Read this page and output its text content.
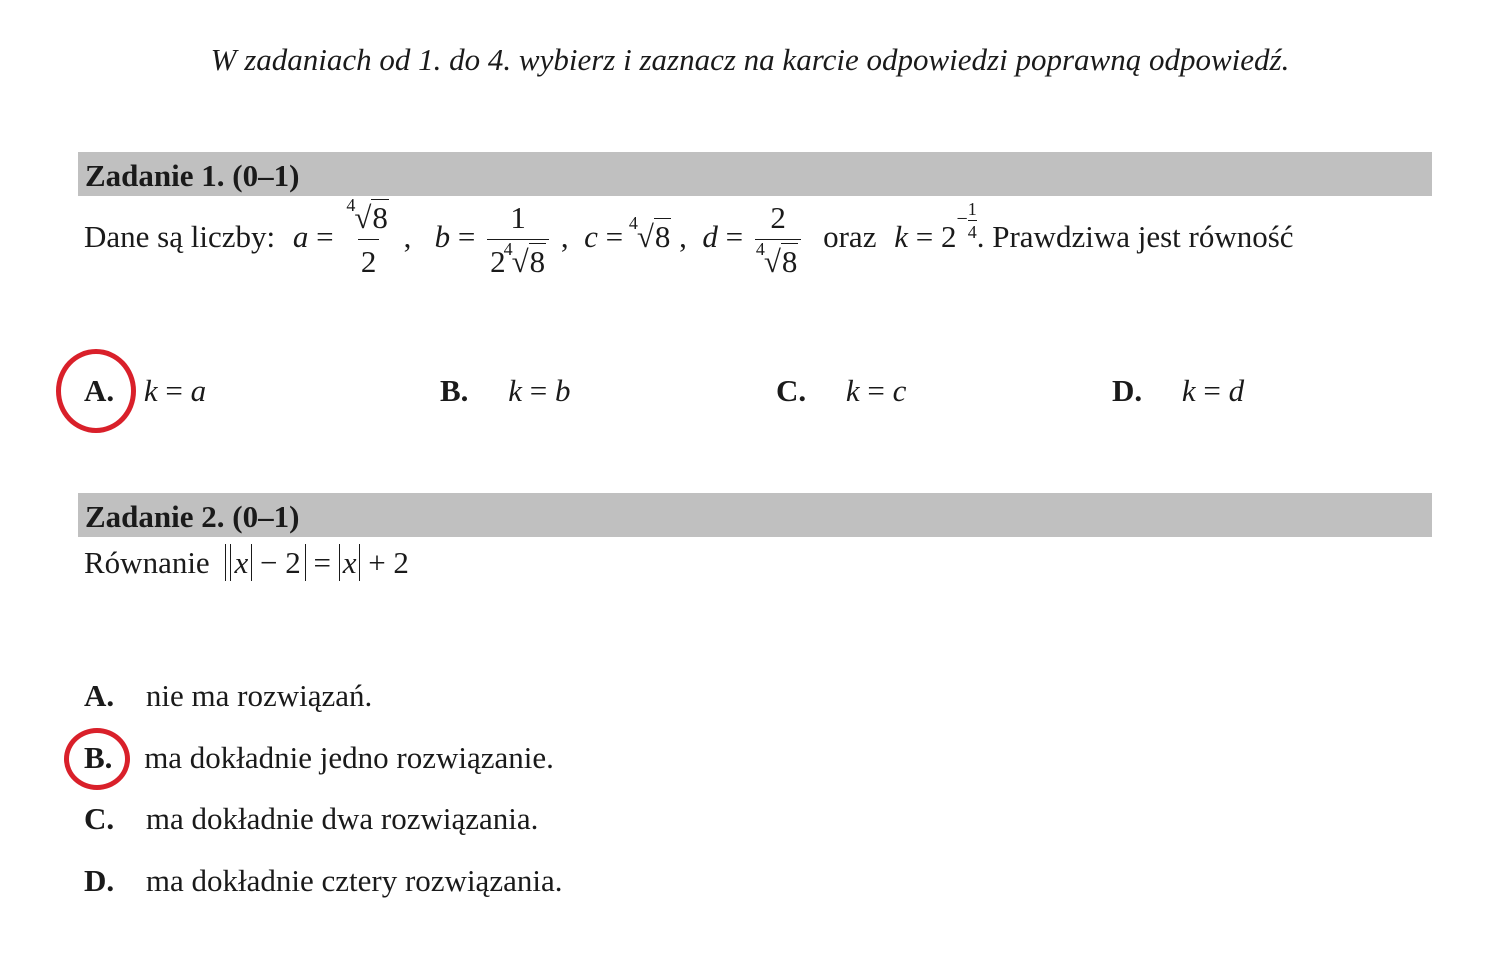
W zadaniach od 1. do 4. wybierz i zaznacz na karcie odpowiedzi poprawną odpowiedź.
Zadanie 1. (0–1)
Dane są liczby: $a = \frac{4 √8}{2}$ ,   b = 1
2
4 √8 ,  c = 4 √8 ,  $d = \frac{2}{4 √8}$ oraz $k = 2- \frac{1}{4}$ . Prawdziwa jest równość
A. k = a	B. k = b	C. k = c	D. k = d
Zadanie 2. (0–1)
Równanie x − 2 = x + 2
A. nie ma rozwiązań.
B. ma dokładnie jedno rozwiązanie.
C. ma dokładnie dwa rozwiązania.
D. ma dokładnie cztery rozwiązania.
